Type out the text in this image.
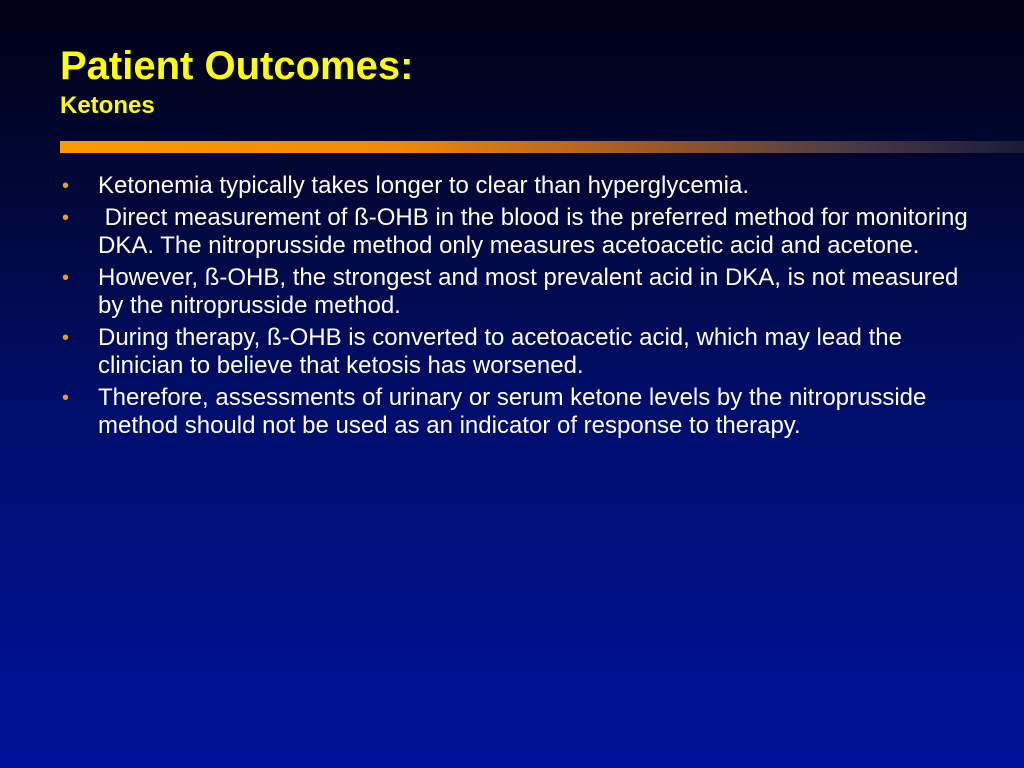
Patient Outcomes:
Ketones
• Ketonemia typically takes longer to clear than hyperglycemia.
• Direct measurement of ß-OHB in the blood is the preferred method for monitoring DKA. The nitroprusside method only measures acetoacetic acid and acetone.
• However, ß-OHB, the strongest and most prevalent acid in DKA, is not measured by the nitroprusside method.
• During therapy, ß-OHB is converted to acetoacetic acid, which may lead the clinician to believe that ketosis has worsened.
• Therefore, assessments of urinary or serum ketone levels by the nitroprusside method should not be used as an indicator of response to therapy.
